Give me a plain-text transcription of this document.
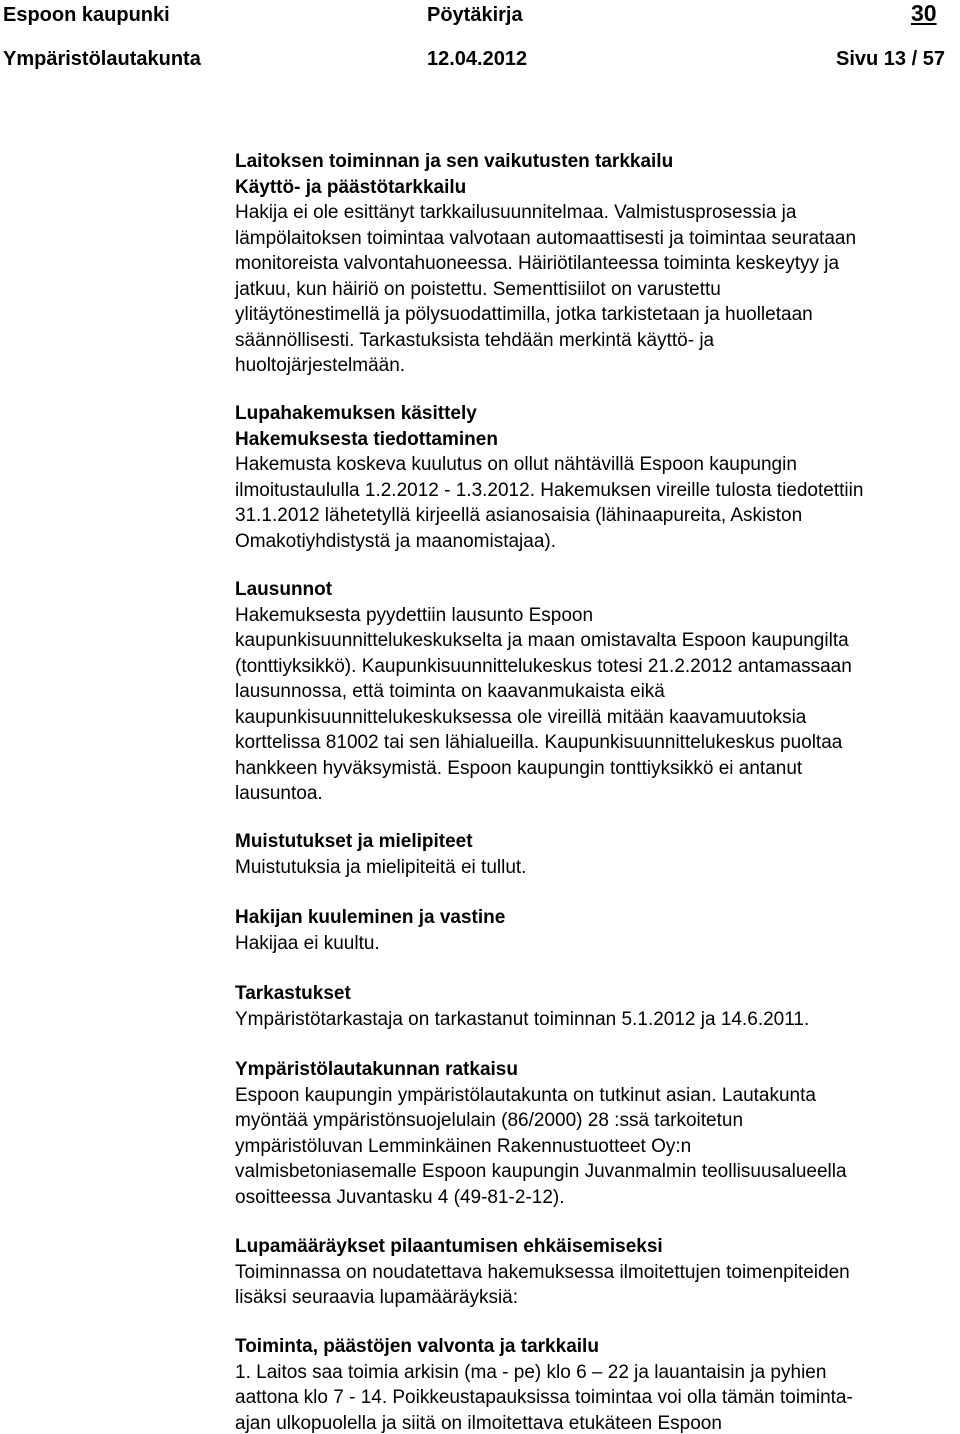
Espoon kaupunki	Pöytäkirja	30
Ympäristölautakunta	12.04.2012	Sivu 13 / 57
Laitoksen toiminnan ja sen vaikutusten tarkkailu
Käyttö- ja päästötarkkailu
Hakija ei ole esittänyt tarkkailusuunnitelmaa. Valmistusprosessia ja
lämpölaitoksen toimintaa valvotaan automaattisesti ja toimintaa seurataan
monitoreista valvontahuoneessa. Häiriötilanteessa toiminta keskeytyy ja
jatkuu, kun häiriö on poistettu. Sementtisiilot on varustettu
ylitäytönestimellä ja pölysuodattimilla, jotka tarkistetaan ja huolletaan
säännöllisesti. Tarkastuksista tehdään merkintä käyttö- ja
huoltojärjestelmään.
Lupahakemuksen käsittely
Hakemuksesta tiedottaminen
Hakemusta koskeva kuulutus on ollut nähtävillä Espoon kaupungin
ilmoitustaululla 1.2.2012 - 1.3.2012. Hakemuksen vireille tulosta tiedotettiin
31.1.2012 lähetetyllä kirjeellä asianosaisia (lähinaapureita, Askiston
Omakotiyhdistystä ja maanomistajaa).
Lausunnot
Hakemuksesta pyydettiin lausunto Espoon
kaupunkisuunnittelukeskukselta ja maan omistavalta Espoon kaupungilta
(tonttiyksikkö). Kaupunkisuunnittelukeskus totesi 21.2.2012 antamassaan
lausunnossa, että toiminta on kaavanmukaista eikä
kaupunkisuunnittelukeskuksessa ole vireillä mitään kaavamuutoksia
korttelissa 81002 tai sen lähialueilla. Kaupunkisuunnittelukeskus puoltaa
hankkeen hyväksymistä. Espoon kaupungin tonttiyksikkö ei antanut
lausuntoa.
Muistutukset ja mielipiteet
Muistutuksia ja mielipiteitä ei tullut.
Hakijan kuuleminen ja vastine
Hakijaa ei kuultu.
Tarkastukset
Ympäristötarkastaja on tarkastanut toiminnan 5.1.2012 ja 14.6.2011.
Ympäristölautakunnan ratkaisu
Espoon kaupungin ympäristölautakunta on tutkinut asian. Lautakunta
myöntää ympäristönsuojelulain (86/2000) 28 :ssä tarkoitetun
ympäristöluvan Lemminkäinen Rakennustuotteet Oy:n
valmisbetoniasemalle Espoon kaupungin Juvanmalmin teollisuusalueella
osoitteessa Juvantasku 4 (49-81-2-12).
Lupamääräykset pilaantumisen ehkäisemiseksi
Toiminnassa on noudatettava hakemuksessa ilmoitettujen toimenpiteiden
lisäksi seuraavia lupamääräyksiä:
Toiminta, päästöjen valvonta ja tarkkailu
1. Laitos saa toimia arkisin (ma - pe) klo 6 – 22 ja lauantaisin ja pyhien
aattona klo 7 - 14. Poikkeustapauksissa toimintaa voi olla tämän toiminta-
ajan ulkopuolella ja siitä on ilmoitettava etukäteen Espoon
